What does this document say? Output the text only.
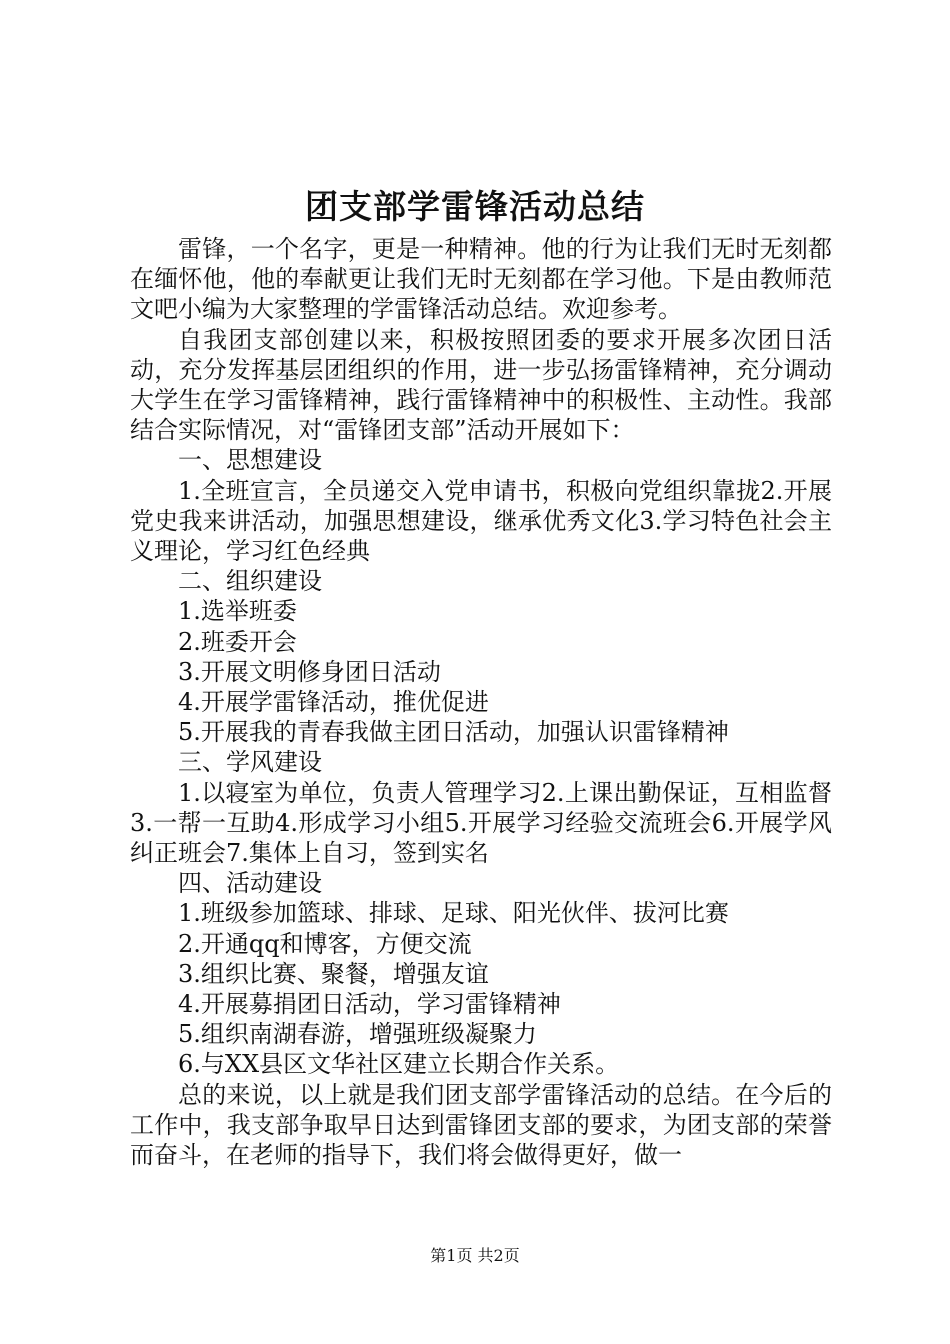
团支部学雷锋活动总结

雷锋，一个名字，更是一种精神。他的行为让我们无时无刻都在缅怀他，他的奉献更让我们无时无刻都在学习他。下是由教师范文吧小编为大家整理的学雷锋活动总结。欢迎参考。

自我团支部创建以来，积极按照团委的要求开展多次团日活动，充分发挥基层团组织的作用，进一步弘扬雷锋精神，充分调动大学生在学习雷锋精神，践行雷锋精神中的积极性、主动性。我部结合实际情况，对“雷锋团支部”活动开展如下：

一、思想建设

1.全班宣言，全员递交入党申请书，积极向党组织靠拢2.开展党史我来讲活动，加强思想建设，继承优秀文化3.学习特色社会主义理论，学习红色经典

二、组织建设

1.选举班委

2.班委开会

3.开展文明修身团日活动

4.开展学雷锋活动，推优促进

5.开展我的青春我做主团日活动，加强认识雷锋精神

三、学风建设

1.以寝室为单位，负责人管理学习2.上课出勤保证，互相监督3.一帮一互助4.形成学习小组5.开展学习经验交流班会6.开展学风纠正班会7.集体上自习，签到实名

四、活动建设

1.班级参加篮球、排球、足球、阳光伙伴、拔河比赛

2.开通qq和博客，方便交流

3.组织比赛、聚餐，增强友谊

4.开展募捐团日活动，学习雷锋精神

5.组织南湖春游，增强班级凝聚力

6.与XX县区文华社区建立长期合作关系。

总的来说，以上就是我们团支部学雷锋活动的总结。在今后的工作中，我支部争取早日达到雷锋团支部的要求，为团支部的荣誉而奋斗，在老师的指导下，我们将会做得更好，做一

第1页 共2页
